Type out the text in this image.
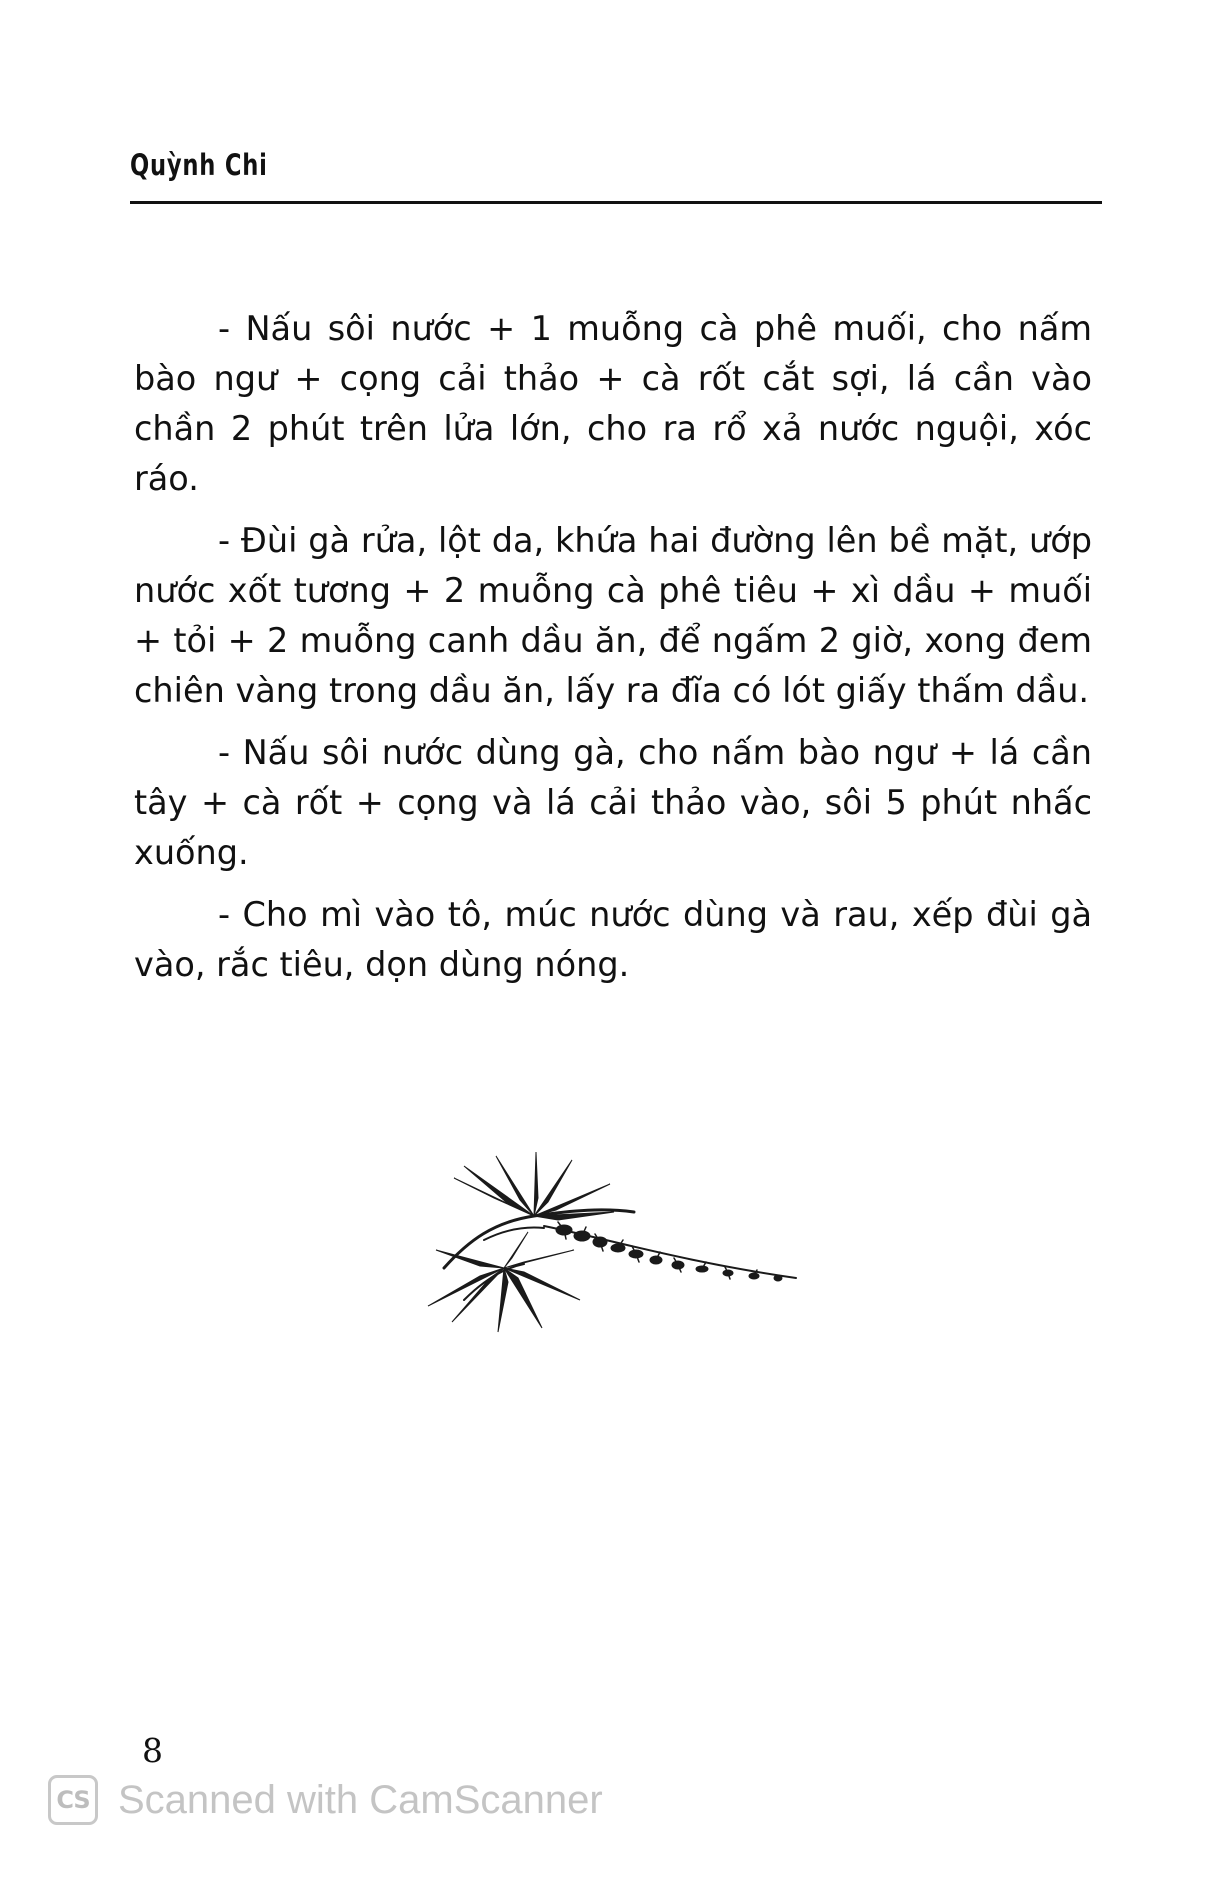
Quỳnh Chi

- Nấu sôi nước + 1 muỗng cà phê muối, cho nấm bào ngư + cọng cải thảo + cà rốt cắt sợi, lá cần vào chần 2 phút trên lửa lớn, cho ra rổ xả nước nguội, xóc ráo.

- Đùi gà rửa, lột da, khứa hai đường lên bề mặt, ướp nước xốt tương + 2 muỗng cà phê tiêu + xì dầu + muối + tỏi + 2 muỗng canh dầu ăn, để ngấm 2 giờ, xong đem chiên vàng trong dầu ăn, lấy ra đĩa có lót giấy thấm dầu.

- Nấu sôi nước dùng gà, cho nấm bào ngư + lá cần tây + cà rốt + cọng và lá cải thảo vào, sôi 5 phút nhấc xuống.

- Cho mì vào tô, múc nước dùng và rau, xếp đùi gà vào, rắc tiêu, dọn dùng nóng.

8
CS Scanned with CamScanner
